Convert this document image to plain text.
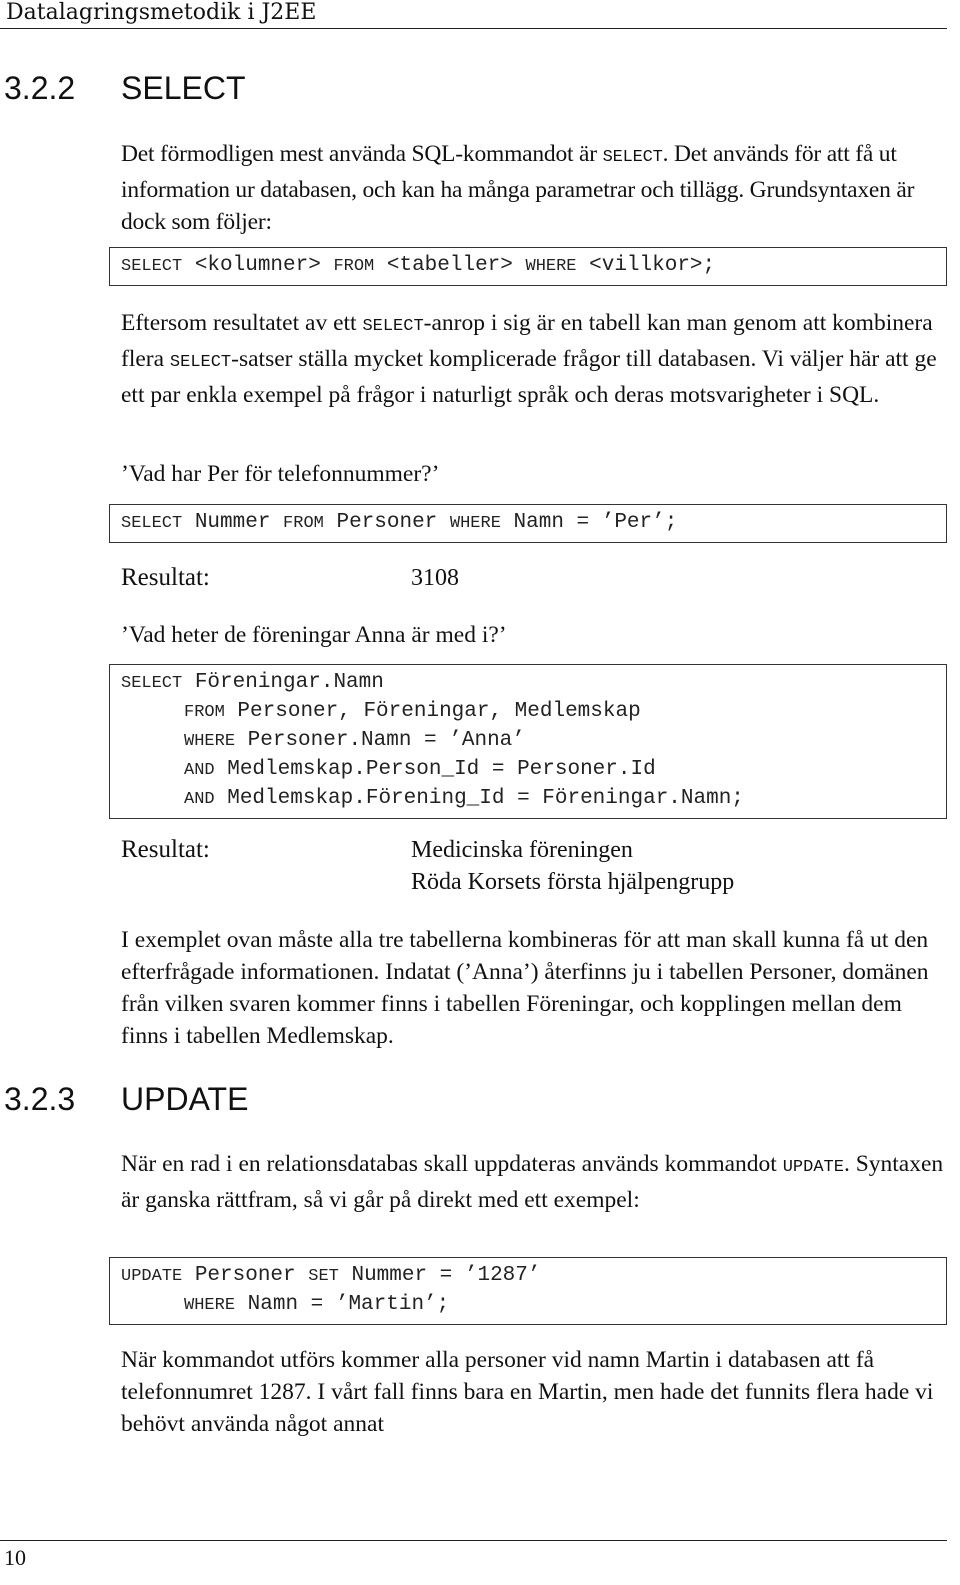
Datalagringsmetodik i J2EE
3.2.2 SELECT

Det förmodligen mest använda SQL-kommandot är SELECT. Det används för att få ut information ur databasen, och kan ha många parametrar och tillägg. Grundsyntaxen är dock som följer:

SELECT <kolumner> FROM <tabeller> WHERE <villkor>;

Eftersom resultatet av ett SELECT-anrop i sig är en tabell kan man genom att kombinera flera SELECT-satser ställa mycket komplicerade frågor till databasen. Vi väljer här att ge ett par enkla exempel på frågor i naturligt språk och deras motsvarigheter i SQL.

’Vad har Per för telefonnummer?’

SELECT Nummer FROM Personer WHERE Namn = ’Per’;
Resultat:	3108

’Vad heter de föreningar Anna är med i?’

SELECT Föreningar.Namn
FROM Personer, Föreningar, Medlemskap
WHERE Personer.Namn = ’Anna’
AND Medlemskap.Person_Id = Personer.Id
AND Medlemskap.Förening_Id = Föreningar.Namn;
Resultat:	Medicinska föreningen
Röda Korsets första hjälpengrupp

I exemplet ovan måste alla tre tabellerna kombineras för att man skall kunna få ut den efterfrågade informationen. Indatat (’Anna’) återfinns ju i tabellen Personer, domänen från vilken svaren kommer finns i tabellen Föreningar, och kopplingen mellan dem finns i tabellen Medlemskap.

3.2.3 UPDATE

När en rad i en relationsdatabas skall uppdateras används kommandot UPDATE. Syntaxen är ganska rättfram, så vi går på direkt med ett exempel:

UPDATE Personer SET Nummer = ’1287’
WHERE Namn = ’Martin’;

När kommandot utförs kommer alla personer vid namn Martin i databasen att få telefonnumret 1287. I vårt fall finns bara en Martin, men hade det funnits flera hade vi behövt använda något annat

10
